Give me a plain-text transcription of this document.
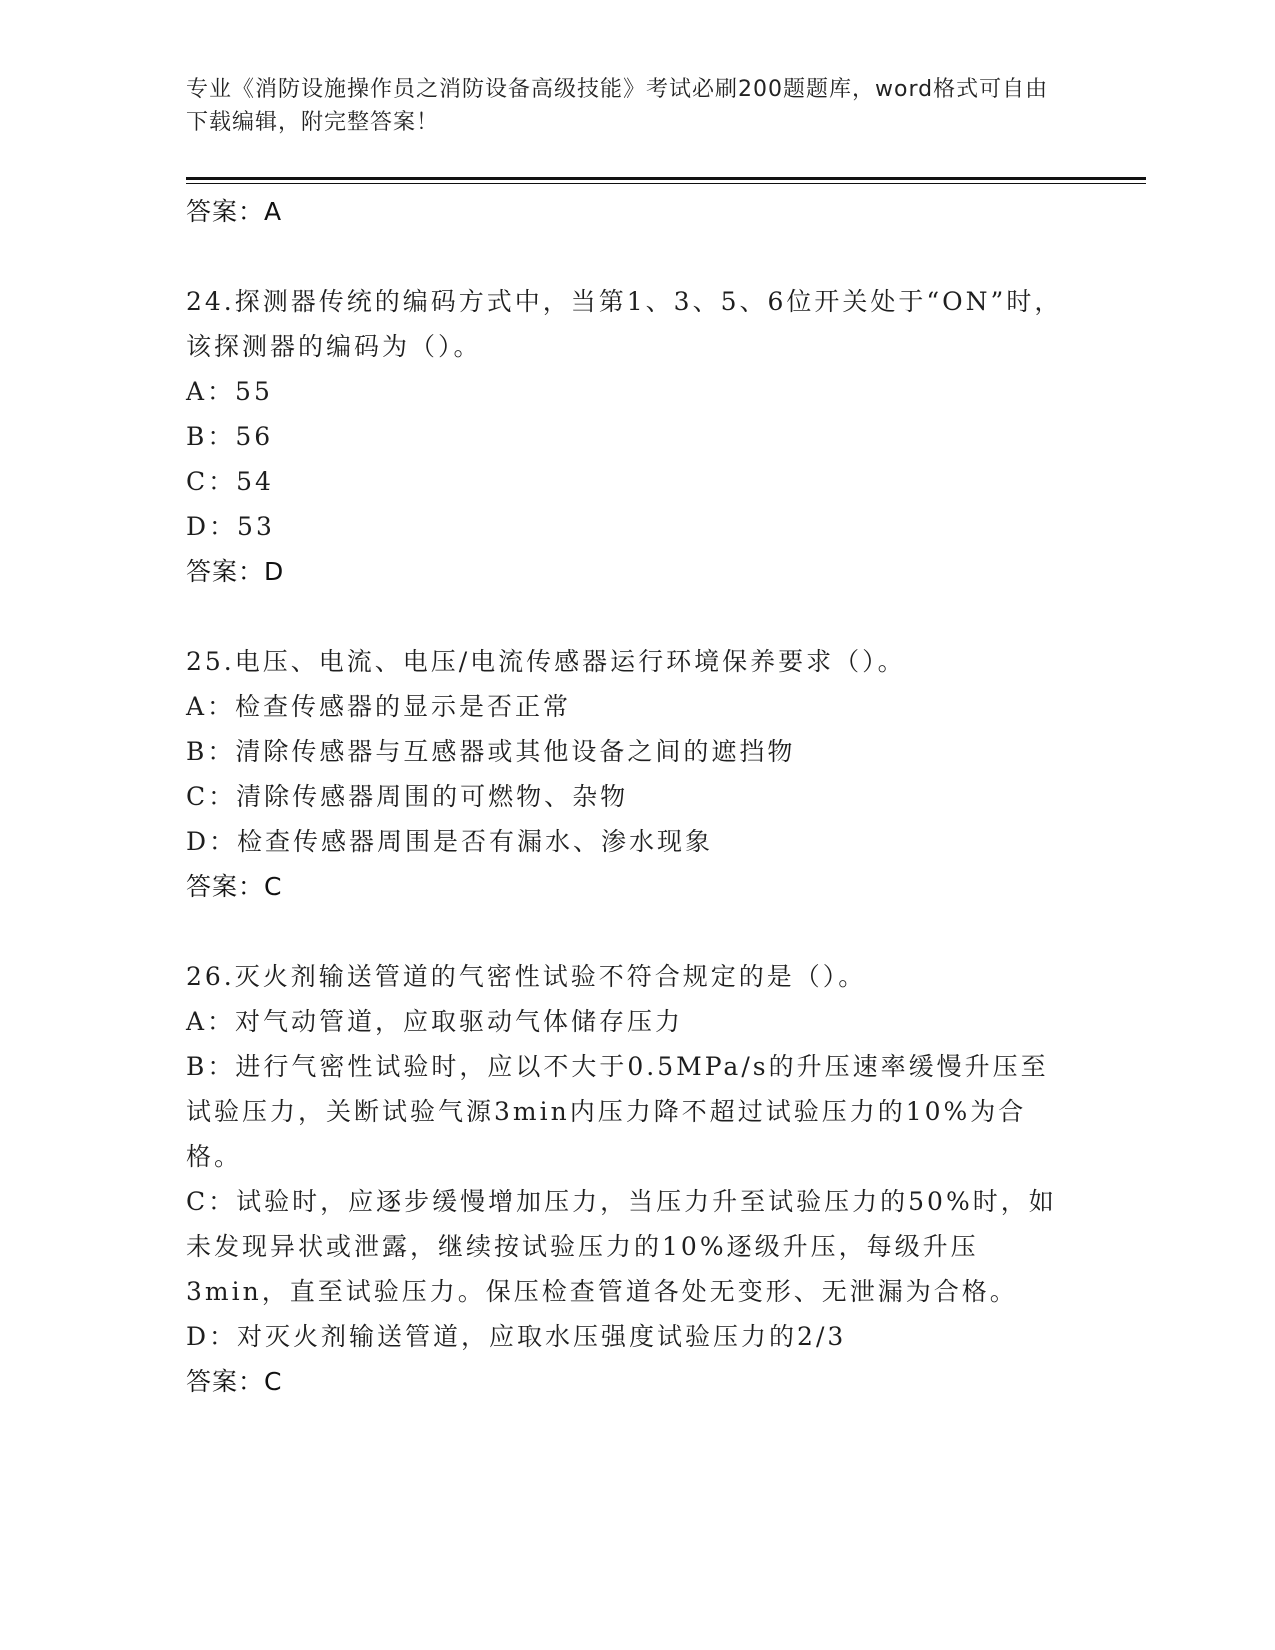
专业《消防设施操作员之消防设备高级技能》考试必刷200题题库，word格式可自由下载编辑，附完整答案！
答案：A
24.探测器传统的编码方式中，当第1、3、5、6位开关处于“ON”时，该探测器的编码为（）。
A：55
B：56
C：54
D：53
答案：D
25.电压、电流、电压/电流传感器运行环境保养要求（）。
A：检查传感器的显示是否正常
B：清除传感器与互感器或其他设备之间的遮挡物
C：清除传感器周围的可燃物、杂物
D：检查传感器周围是否有漏水、渗水现象
答案：C
26.灭火剂输送管道的气密性试验不符合规定的是（）。
A：对气动管道，应取驱动气体储存压力
B：进行气密性试验时，应以不大于0.5MPa/s的升压速率缓慢升压至试验压力，关断试验气源3min内压力降不超过试验压力的10%为合格。
C：试验时，应逐步缓慢增加压力，当压力升至试验压力的50%时，如未发现异状或泄露，继续按试验压力的10%逐级升压，每级升压3min，直至试验压力。保压检查管道各处无变形、无泄漏为合格。
D：对灭火剂输送管道，应取水压强度试验压力的2/3
答案：C
